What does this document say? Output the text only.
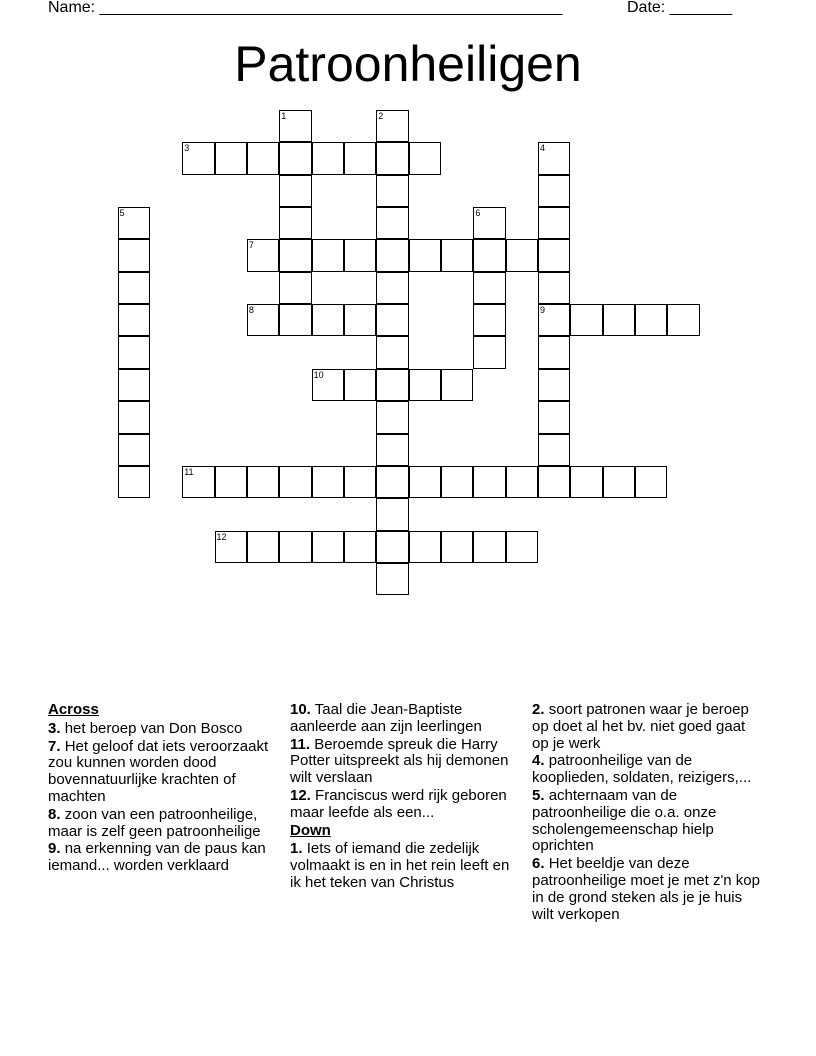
Name: ____________________________________________________	Date: _______
Patroonheiligen
1	2
3	4
9
5	6
7
8
10
11
12
Across
3. het beroep van Don Bosco
7. Het geloof dat iets veroorzaakt zou kunnen worden dood bovennatuurlijke krachten of machten
8. zoon van een patroonheilige, maar is zelf geen patroonheilige
9. na erkenning van de paus kan iemand... worden verklaard
10. Taal die Jean-Baptiste aanleerde aan zijn leerlingen
11. Beroemde spreuk die Harry Potter uitspreekt als hij demonen wilt verslaan
12. Franciscus werd rijk geboren maar leefde als een...
Down
1. Iets of iemand die zedelijk volmaakt is en in het rein leeft en ik het teken van Christus
2. soort patronen waar je beroep op doet al het bv. niet goed gaat op je werk
4. patroonheilige van de kooplieden, soldaten, reizigers,...
5. achternaam van de patroonheilige die o.a. onze scholengemeenschap hielp oprichten
6. Het beeldje van deze patroonheilige moet je met z'n kop in de grond steken als je je huis wilt verkopen
